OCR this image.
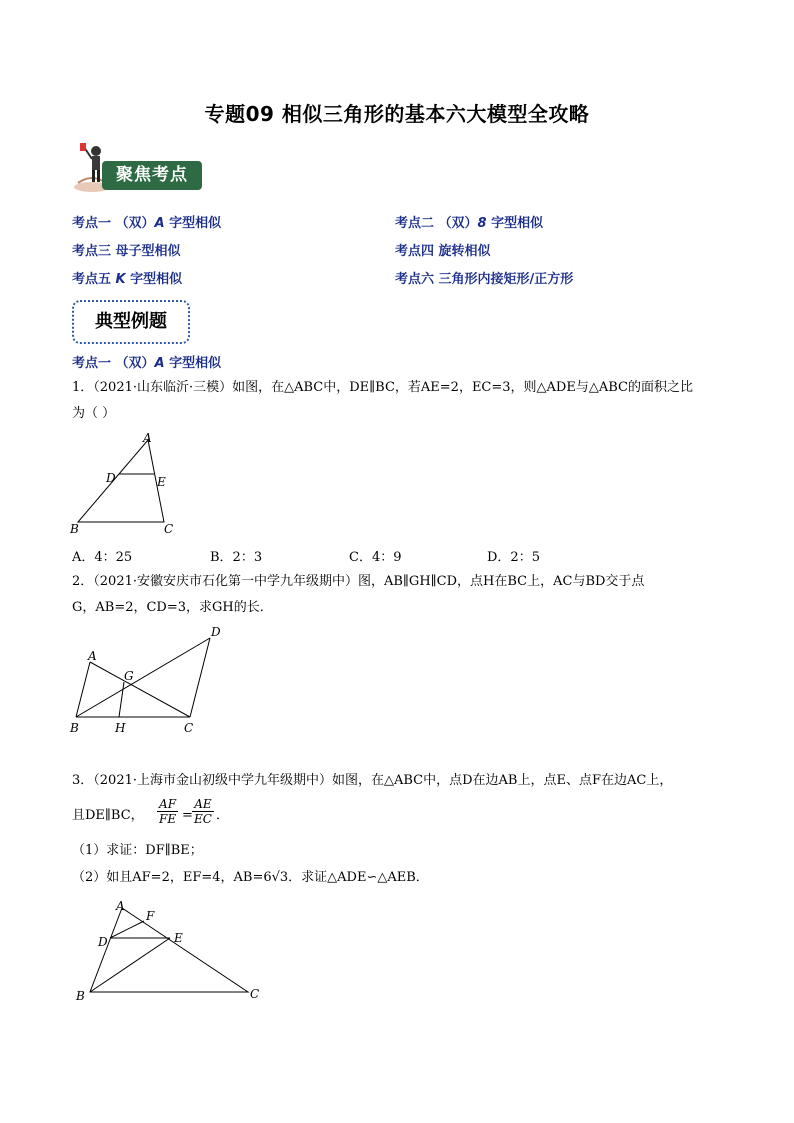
专题09 相似三角形的基本六大模型全攻略
聚焦考点
考点一 （双）A 字型相似	考点二 （双）8 字型相似
考点三 母子型相似	考点四 旋转相似
考点五 K 字型相似	考点六 三角形内接矩形/正方形
典型例题
考点一 （双）A 字型相似
1．（2021·山东临沂·三模）如图，在△ABC中，DE∥BC，若AE=2，EC=3，则△ADE与△ABC的面积之比
为（ ）
A
D	E
B	C
A．4：25	B．2：3	C．4：9	D．2：5
2．（2021·安徽安庆市石化第一中学九年级期中）图，AB∥GH∥CD，点H在BC上，AC与BD交于点
G，AB=2，CD=3，求GH的长．
A
D
G
B	H	C
3．（2021·上海市金山初级中学九年级期中）如图，在△ABC中，点D在边AB上，点E、点F在边AC上，
且DE∥BC， $\frac{AF}{FE} = \frac{AE}{EC}$ ．
（1）求证：DF∥BE；
（2）如且AF=2，EF=4，AB=6√3．求证△ADE∽△AEB．
A
F
D	E
B	C
